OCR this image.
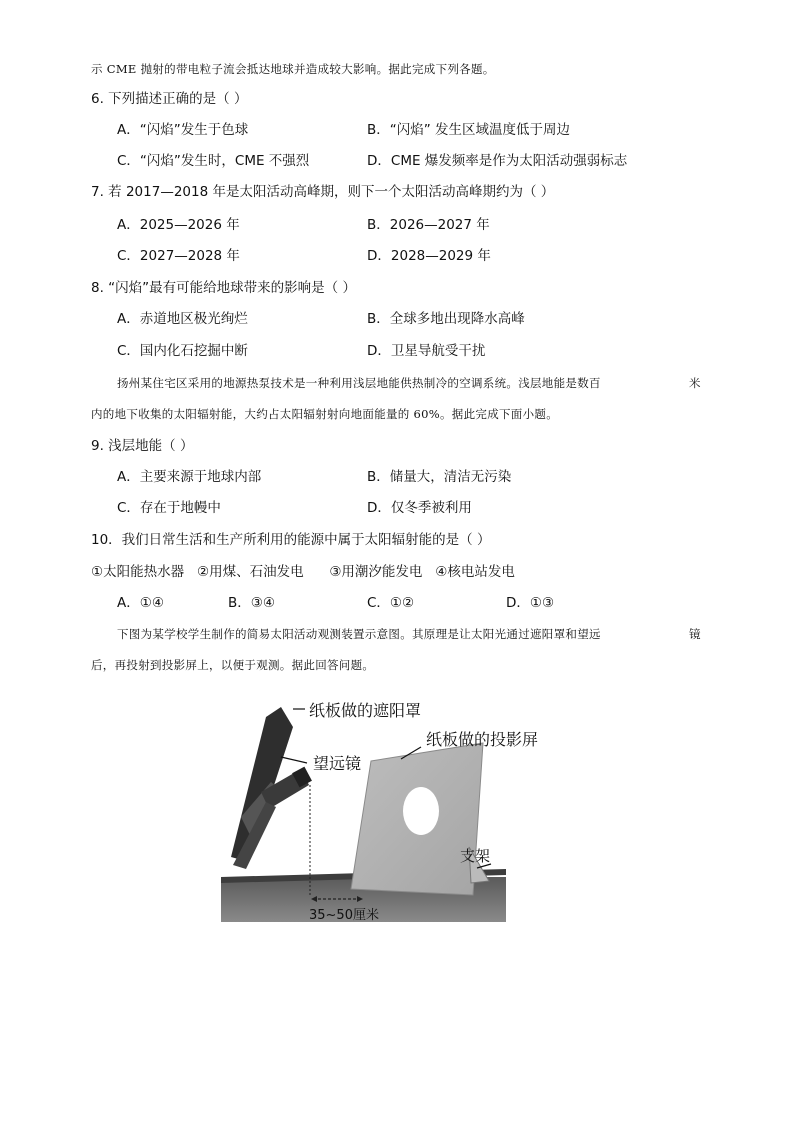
示 CME 抛射的带电粒子流会抵达地球并造成较大影响。据此完成下列各题。
6. 下列描述正确的是（ ）
A．“闪焰”发生于色球	B．“闪焰” 发生区域温度低于周边
C．“闪焰”发生时，CME 不强烈	D．CME 爆发频率是作为太阳活动强弱标志
7. 若 2017—2018 年是太阳活动高峰期，则下一个太阳活动高峰期约为（ ）
A．2025—2026 年	B．2026—2027 年
C．2027—2028 年	D．2028—2029 年
8. “闪焰”最有可能给地球带来的影响是（ ）
A．赤道地区极光绚烂	B．全球多地出现降水高峰
C．国内化石挖掘中断	D．卫星导航受干扰
扬州某住宅区采用的地源热泵技术是一种利用浅层地能供热制冷的空调系统。浅层地能是数百	米
内的地下收集的太阳辐射能，大约占太阳辐射射向地面能量的 60%。据此完成下面小题。
9. 浅层地能（ ）
A．主要来源于地球内部	B．储量大，清洁无污染
C．存在于地幔中	D．仅冬季被利用
10．我们日常生活和生产所利用的能源中属于太阳辐射能的是（ ）
①太阳能热水器   ②用煤、石油发电      ③用潮汐能发电   ④核电站发电
A．①④	B．③④	C．①②	D．①③
下图为某学校学生制作的简易太阳活动观测装置示意图。其原理是让太阳光通过遮阳罩和望远	镜
后，再投射到投影屏上，以便于观测。据此回答问题。
纸板做的遮阳罩
望远镜
纸板做的投影屏
支架
35~50厘米
